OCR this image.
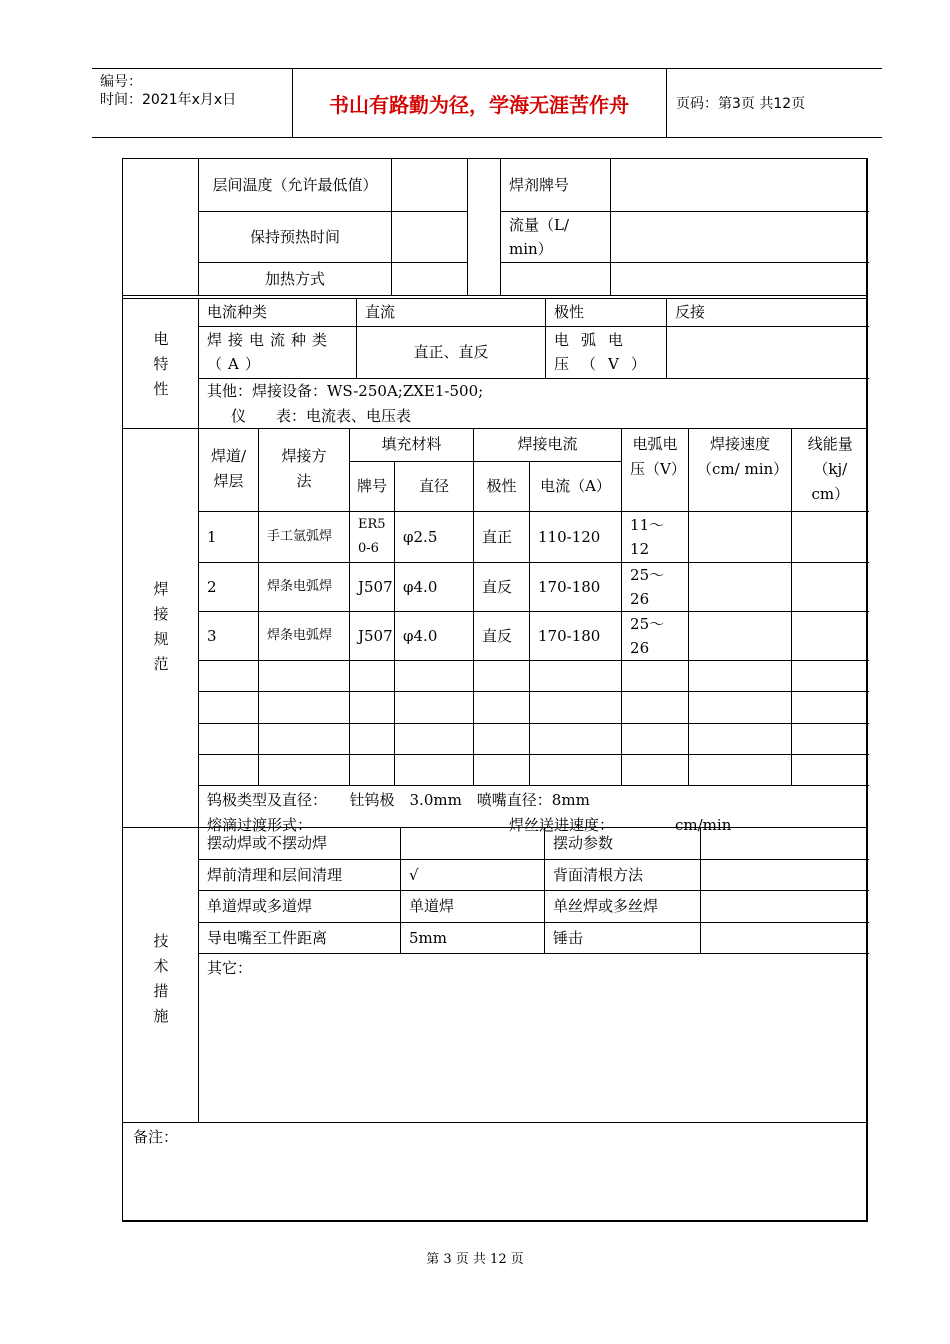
编号：
时间：2021年x月x日	书山有路勤为径，学海无涯苦作舟	页码：第3页 共12页
层间温度（允许最低值）			焊剂牌号	
保持预热时间			流量（L/ min）	
加热方式				
电特性
电流种类	直流	极性	反接
焊接电流种类（A）	直正、直反	电弧电压（V）	

其他：焊接设备：WS-250A;ZXE1-500;
仪　　表：电流表、电压表			
焊接规范
焊道/焊层	焊接方法	填充材料		焊接电流		电弧电压（V）	焊接速度（cm/ min）	线能量（kj/ cm）
		牌号	直径	极性	电流（A）			
1	手工氩弧焊	ER50-6	φ2.5	直正	110-120	11～12		
2	焊条电弧焊	J507	φ4.0	直反	170-180	25～26		
3	焊条电弧焊	J507	φ4.0	直反	170-180	25～26		

钨极类型及直径：　　钍钨极　3.0mm　喷嘴直径：8mm
熔滴过渡形式： 焊丝送进速度： cm/min								
技术措施
摆动焊或不摆动焊		摆动参数	
焊前清理和层间清理	√	背面清根方法	
单道焊或多道焊	单道焊	单丝焊或多丝焊	
导电嘴至工件距离	5mm	锤击	
其它：			
备注：
第 3 页 共 12 页
